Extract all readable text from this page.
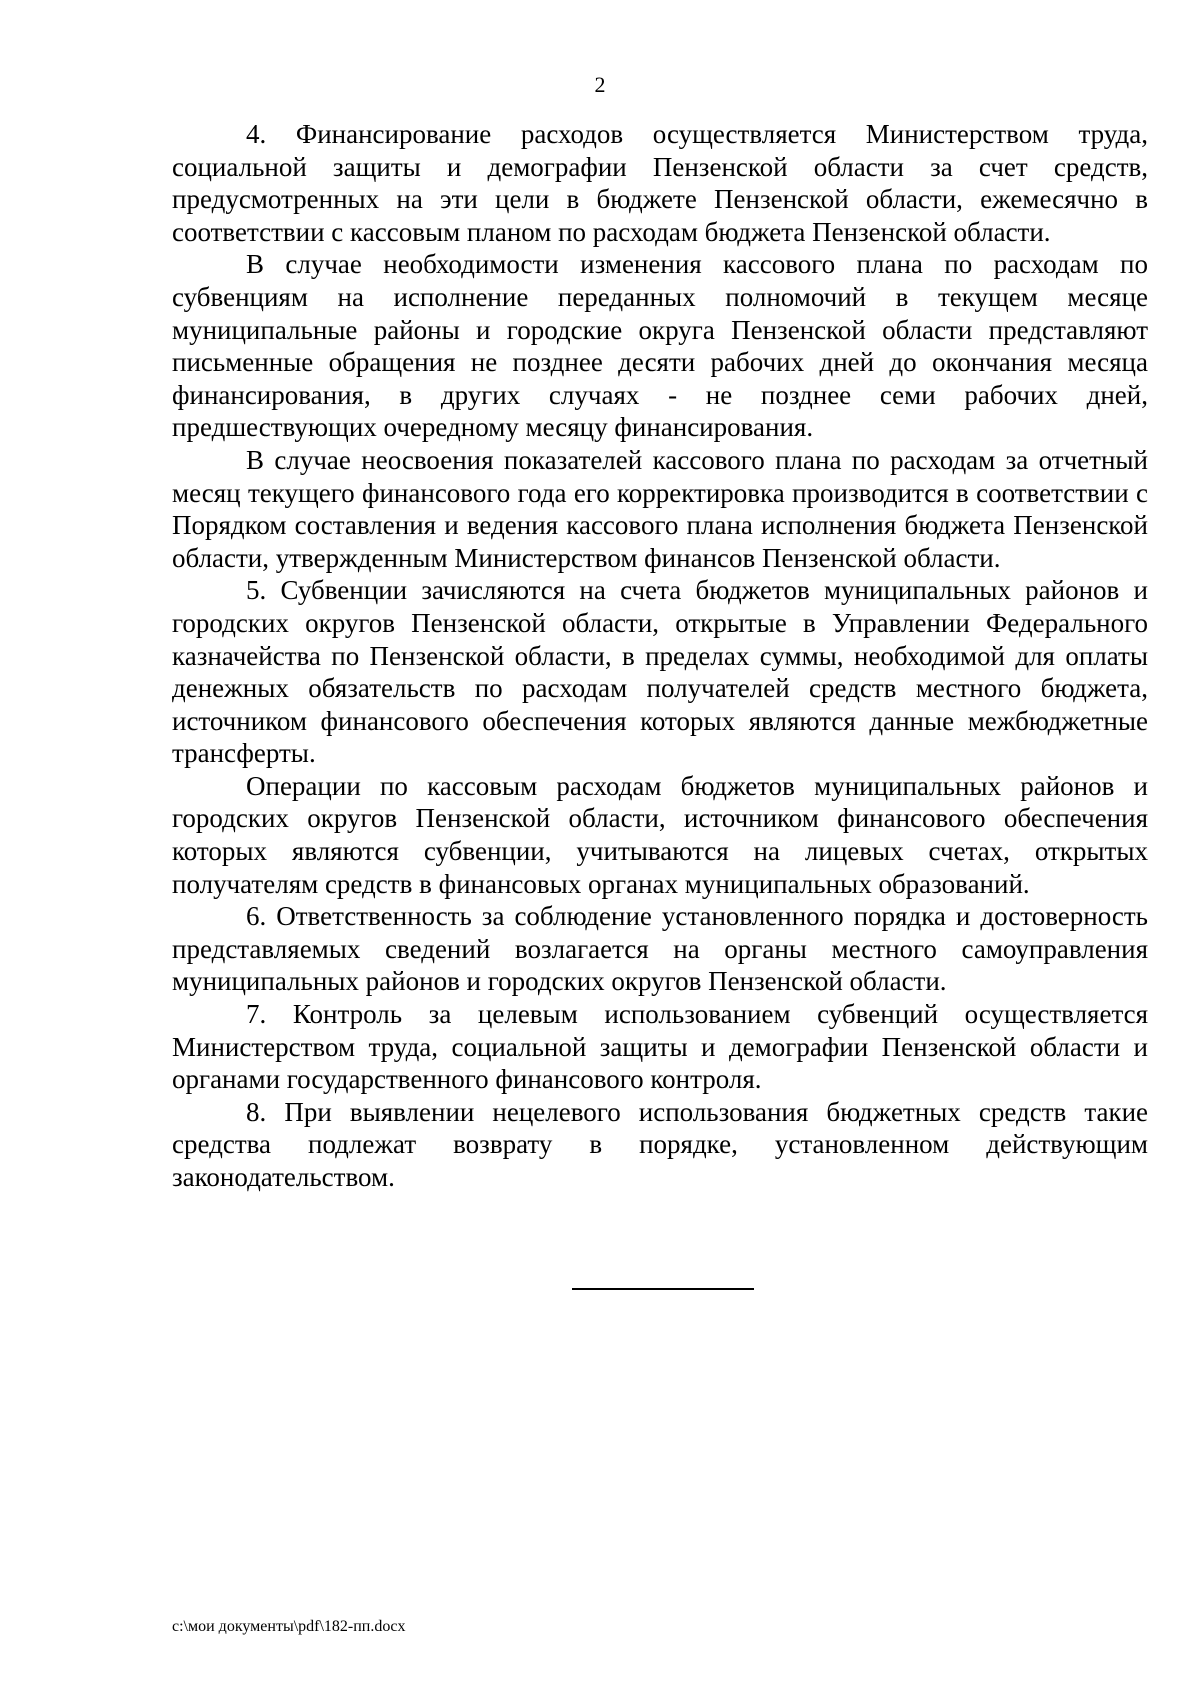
2

4. Финансирование расходов осуществляется Министерством труда, социальной защиты и демографии Пензенской области за счет средств, предусмотренных на эти цели в бюджете Пензенской области, ежемесячно в соответствии с кассовым планом по расходам бюджета Пензенской области.

В случае необходимости изменения кассового плана по расходам по субвенциям на исполнение переданных полномочий в текущем месяце муниципальные районы и городские округа Пензенской области представляют письменные обращения не позднее десяти рабочих дней до окончания месяца финансирования, в других случаях - не позднее семи рабочих дней, предшествующих очередному месяцу финансирования.

В случае неосвоения показателей кассового плана по расходам за отчетный месяц текущего финансового года его корректировка производится в соответствии с Порядком составления и ведения кассового плана исполнения бюджета Пензенской области, утвержденным Министерством финансов Пензенской области.

5. Субвенции зачисляются на счета бюджетов муниципальных районов и городских округов Пензенской области, открытые в Управлении Федерального казначейства по Пензенской области, в пределах суммы, необходимой для оплаты денежных обязательств по расходам получателей средств местного бюджета, источником финансового обеспечения которых являются данные межбюджетные трансферты.

Операции по кассовым расходам бюджетов муниципальных районов и городских округов Пензенской области, источником финансового обеспечения которых являются субвенции, учитываются на лицевых счетах, открытых получателям средств в финансовых органах муниципальных образований.

6. Ответственность за соблюдение установленного порядка и достоверность представляемых сведений возлагается на органы местного самоуправления муниципальных районов и городских округов Пензенской области.

7. Контроль за целевым использованием субвенций осуществляется Министерством труда, социальной защиты и демографии Пензенской области и органами государственного финансового контроля.

8. При выявлении нецелевого использования бюджетных средств такие средства подлежат возврату в порядке, установленном действующим законодательством.

c:\мои документы\pdf\182-пп.docx
